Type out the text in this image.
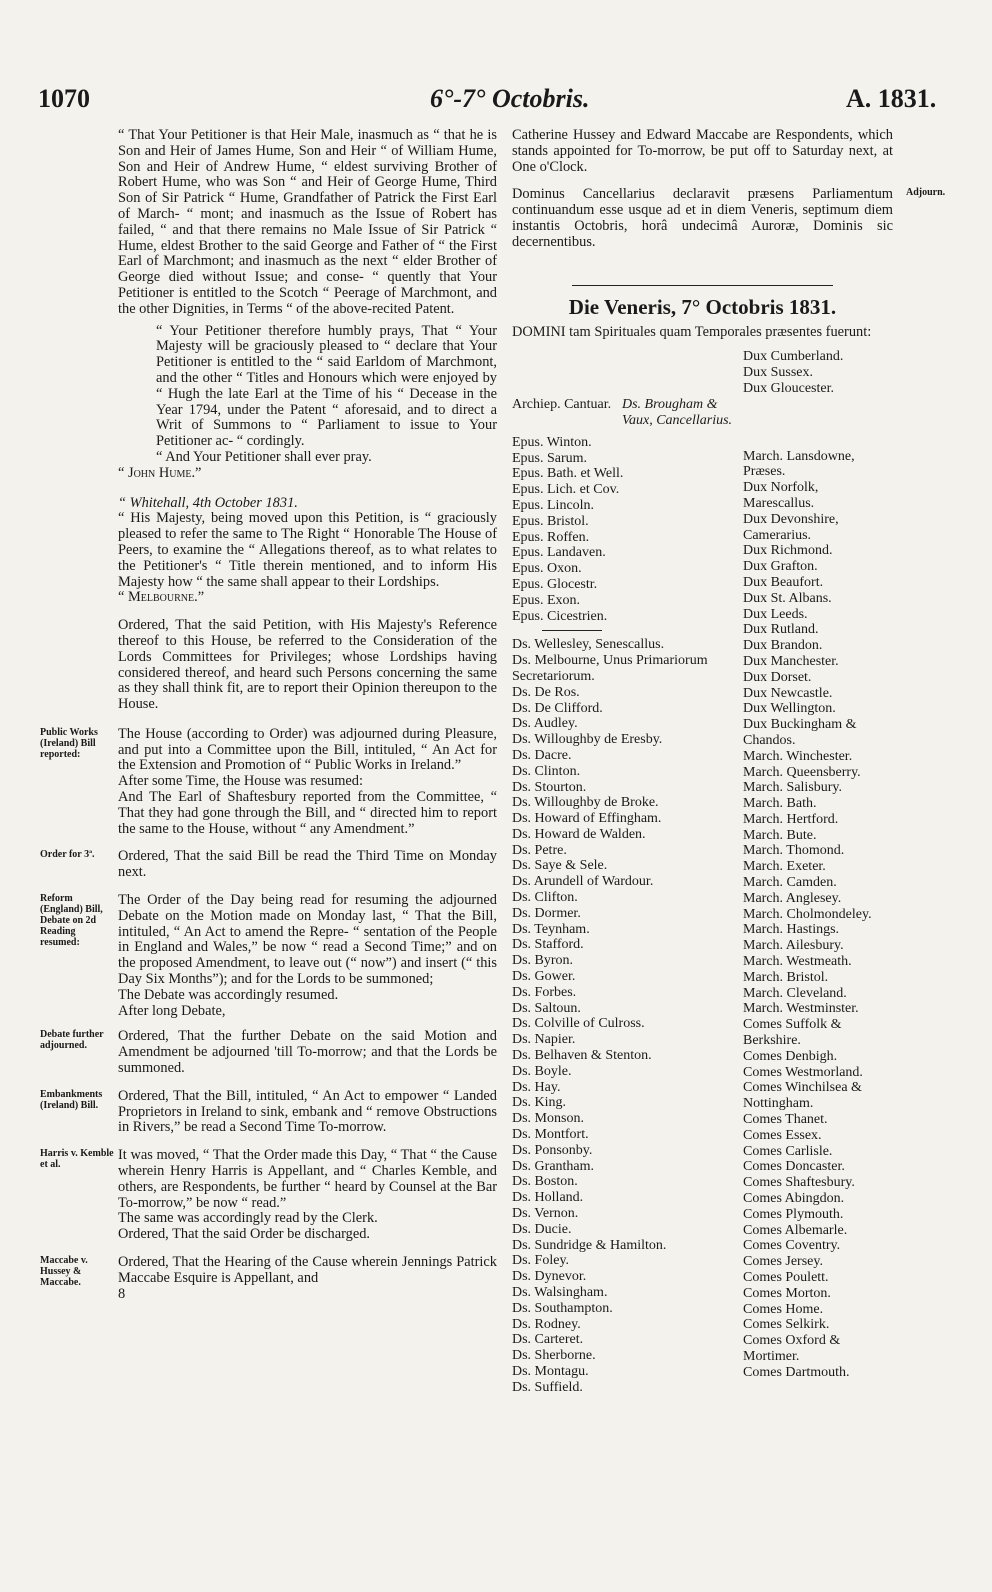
1070	6°-7° Octobris.	A. 1831.

“ That Your Petitioner is that Heir Male, inasmuch as “ that he is Son and Heir of James Hume, Son and Heir “ of William Hume, Son and Heir of Andrew Hume, “ eldest surviving Brother of Robert Hume, who was Son “ and Heir of George Hume, Third Son of Sir Patrick “ Hume, Grandfather of Patrick the First Earl of March- “ mont; and inasmuch as the Issue of Robert has failed, “ and that there remains no Male Issue of Sir Patrick “ Hume, eldest Brother to the said George and Father of “ the First Earl of Marchmont; and inasmuch as the next “ elder Brother of George died without Issue; and conse- “ quently that Your Petitioner is entitled to the Scotch “ Peerage of Marchmont, and the other Dignities, in Terms “ of the above-recited Patent.

“ Your Petitioner therefore humbly prays, That “ Your Majesty will be graciously pleased to “ declare that Your Petitioner is entitled to the “ said Earldom of Marchmont, and the other “ Titles and Honours which were enjoyed by “ Hugh the late Earl at the Time of his “ Decease in the Year 1794, under the Patent “ aforesaid, and to direct a Writ of Summons to “ Parliament to issue to Your Petitioner ac- “ cordingly.

“ And Your Petitioner shall ever pray.

“ John Hume.”

“ Whitehall, 4th October 1831.

“ His Majesty, being moved upon this Petition, is “ graciously pleased to refer the same to The Right “ Honorable The House of Peers, to examine the “ Allegations thereof, as to what relates to the Petitioner's “ Title therein mentioned, and to inform His Majesty how “ the same shall appear to their Lordships.

“ Melbourne.”

Ordered, That the said Petition, with His Majesty's Reference thereof to this House, be referred to the Consideration of the Lords Committees for Privileges; whose Lordships having considered thereof, and heard such Persons concerning the same as they shall think fit, are to report their Opinion thereupon to the House.

Public Works (Ireland) Bill reported:

The House (according to Order) was adjourned during Pleasure, and put into a Committee upon the Bill, intituled, “ An Act for the Extension and Promotion of “ Public Works in Ireland.”

After some Time, the House was resumed:

And The Earl of Shaftesbury reported from the Committee, “ That they had gone through the Bill, and “ directed him to report the same to the House, without “ any Amendment.”

Order for 3ª.	Ordered, That the said Bill be read the Third Time on Monday next.

Reform (England) Bill, Debate on 2d Reading resumed:

The Order of the Day being read for resuming the adjourned Debate on the Motion made on Monday last, “ That the Bill, intituled, “ An Act to amend the Repre- “ sentation of the People in England and Wales,” be now “ read a Second Time;” and on the proposed Amendment, to leave out (“ now”) and insert (“ this Day Six Months”); and for the Lords to be summoned;

The Debate was accordingly resumed.

After long Debate,

Debate further adjourned.

Ordered, That the further Debate on the said Motion and Amendment be adjourned 'till To-morrow; and that the Lords be summoned.

Embankments (Ireland) Bill.

Ordered, That the Bill, intituled, “ An Act to empower “ Landed Proprietors in Ireland to sink, embank and “ remove Obstructions in Rivers,” be read a Second Time To-morrow.

Harris v. Kemble et al.

It was moved, “ That the Order made this Day, “ That “ the Cause wherein Henry Harris is Appellant, and “ Charles Kemble, and others, are Respondents, be further “ heard by Counsel at the Bar To-morrow,” be now “ read.”

The same was accordingly read by the Clerk.

Ordered, That the said Order be discharged.

Maccabe v. Hussey & Maccabe.

Ordered, That the Hearing of the Cause wherein Jennings Patrick Maccabe Esquire is Appellant, and

8

Catherine Hussey and Edward Maccabe are Respondents, which stands appointed for To-morrow, be put off to Saturday next, at One o'Clock.

Adjourn.

Dominus Cancellarius declaravit præsens Parliamentum continuandum esse usque ad et in diem Veneris, septimum diem instantis Octobris, horâ undecimâ Auroræ, Dominis sic decernentibus.

Die Veneris, 7° Octobris 1831.

DOMINI tam Spirituales quam Temporales præsentes fuerunt:

Archiep. Cantuar. Ds. Brougham & Vaux, Cancellarius.
Epus. Winton.
Epus. Sarum.
Epus. Bath. et Well.
Epus. Lich. et Cov.
Epus. Lincoln.
Epus. Bristol.
Epus. Roffen.
Epus. Landaven.
Epus. Oxon.
Epus. Glocestr.
Epus. Exon.
Epus. Cicestrien.
Ds. Wellesley, Senescallus.
Ds. Melbourne, Unus Primariorum Secretariorum.
Ds. De Ros.
Ds. De Clifford.
Ds. Audley.
Ds. Willoughby de Eresby.
Ds. Dacre.
Ds. Clinton.
Ds. Stourton.
Ds. Willoughby de Broke.
Ds. Howard of Effingham.
Ds. Howard de Walden.
Ds. Petre.
Ds. Saye & Sele.
Ds. Arundell of Wardour.
Ds. Clifton.
Ds. Dormer.
Ds. Teynham.
Ds. Stafford.
Ds. Byron.
Ds. Gower.
Ds. Forbes.
Ds. Saltoun.
Ds. Colville of Culross.
Ds. Napier.
Ds. Belhaven & Stenton.
Ds. Boyle.
Ds. Hay.
Ds. King.
Ds. Monson.
Ds. Montfort.
Ds. Ponsonby.
Ds. Grantham.
Ds. Boston.
Ds. Holland.
Ds. Vernon.
Ds. Ducie.
Ds. Sundridge & Hamilton.
Ds. Foley.
Ds. Dynevor.
Ds. Walsingham.
Ds. Southampton.
Ds. Rodney.
Ds. Carteret.
Ds. Sherborne.
Ds. Montagu.
Ds. Suffield.
Dux Cumberland.
Dux Sussex.
Dux Gloucester.
March. Lansdowne, Præses.
Dux Norfolk, Marescallus.
Dux Devonshire, Camerarius.
Dux Richmond.
Dux Grafton.
Dux Beaufort.
Dux St. Albans.
Dux Leeds.
Dux Rutland.
Dux Brandon.
Dux Manchester.
Dux Dorset.
Dux Newcastle.
Dux Wellington.
Dux Buckingham & Chandos.
March. Winchester.
March. Queensberry.
March. Salisbury.
March. Bath.
March. Hertford.
March. Bute.
March. Thomond.
March. Exeter.
March. Camden.
March. Anglesey.
March. Cholmondeley.
March. Hastings.
March. Ailesbury.
March. Westmeath.
March. Bristol.
March. Cleveland.
March. Westminster.
Comes Suffolk & Berkshire.
Comes Denbigh.
Comes Westmorland.
Comes Winchilsea & Nottingham.
Comes Thanet.
Comes Essex.
Comes Carlisle.
Comes Doncaster.
Comes Shaftesbury.
Comes Abingdon.
Comes Plymouth.
Comes Albemarle.
Comes Coventry.
Comes Jersey.
Comes Poulett.
Comes Morton.
Comes Home.
Comes Selkirk.
Comes Oxford & Mortimer.
Comes Dartmouth.
